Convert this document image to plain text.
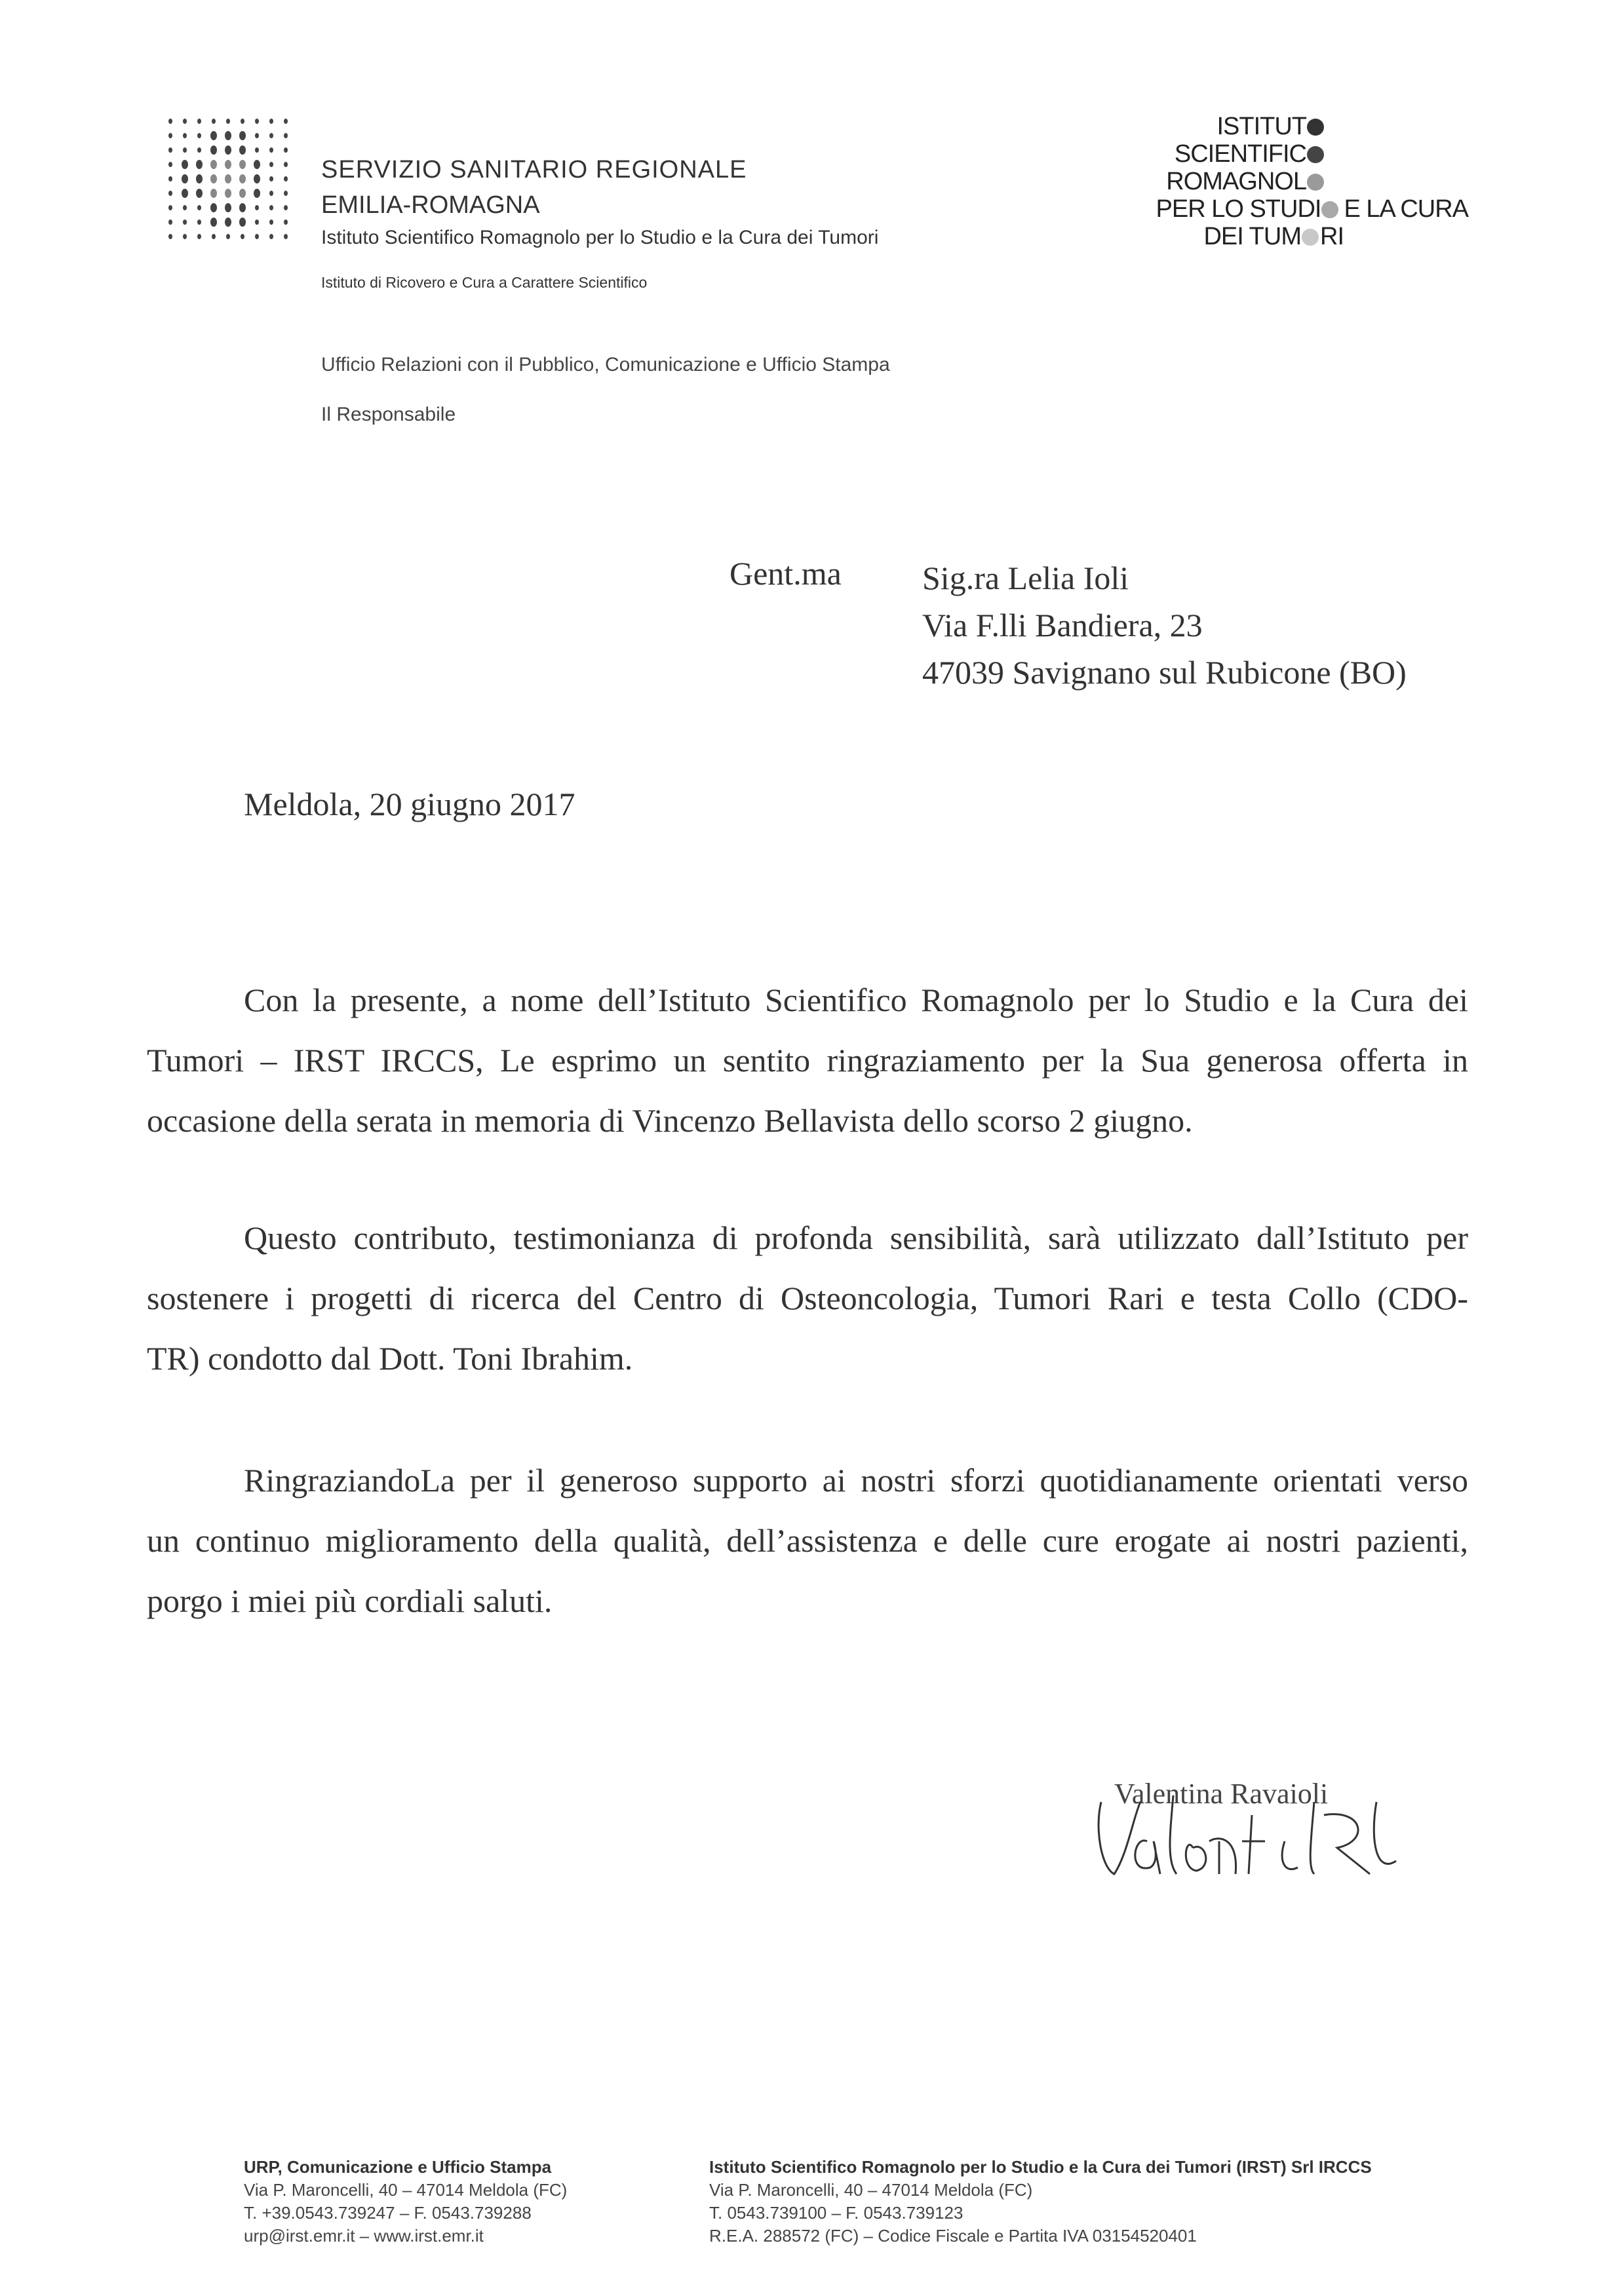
SERVIZIO SANITARIO REGIONALE
EMILIA-ROMAGNA
Istituto Scientifico Romagnolo per lo Studio e la Cura dei Tumori
Istituto di Ricovero e Cura a Carattere Scientifico
Ufficio Relazioni con il Pubblico, Comunicazione e Ufficio Stampa
Il Responsabile
ISTITUT
SCIENTIFIC
ROMAGNOL
PER LO STUDI E LA CURA
DEI TUM RI
Gent.ma Sig.ra Lelia Ioli
Via F.lli Bandiera, 23
47039 Savignano sul Rubicone (BO)
Meldola, 20 giugno 2017
Con la presente, a nome dell’Istituto Scientifico Romagnolo per lo Studio e la Cura dei
Tumori – IRST IRCCS, Le esprimo un sentito ringraziamento per la Sua generosa offerta in
occasione della serata in memoria di Vincenzo Bellavista dello scorso 2 giugno.
Questo contributo, testimonianza di profonda sensibilità, sarà utilizzato dall’Istituto per
sostenere i progetti di ricerca del Centro di Osteoncologia, Tumori Rari e testa Collo (CDO-
TR) condotto dal Dott. Toni Ibrahim.
RingraziandoLa per il generoso supporto ai nostri sforzi quotidianamente orientati verso
un continuo miglioramento della qualità, dell’assistenza e delle cure erogate ai nostri pazienti,
porgo i miei più cordiali saluti.
Valentina Ravaioli
URP, Comunicazione e Ufficio Stampa
Via P. Maroncelli, 40 – 47014 Meldola (FC)
T. +39.0543.739247 – F. 0543.739288
urp@irst.emr.it – www.irst.emr.it
Istituto Scientifico Romagnolo per lo Studio e la Cura dei Tumori (IRST) Srl IRCCS
Via P. Maroncelli, 40 – 47014 Meldola (FC)
T. 0543.739100 – F. 0543.739123
R.E.A. 288572 (FC) – Codice Fiscale e Partita IVA 03154520401
